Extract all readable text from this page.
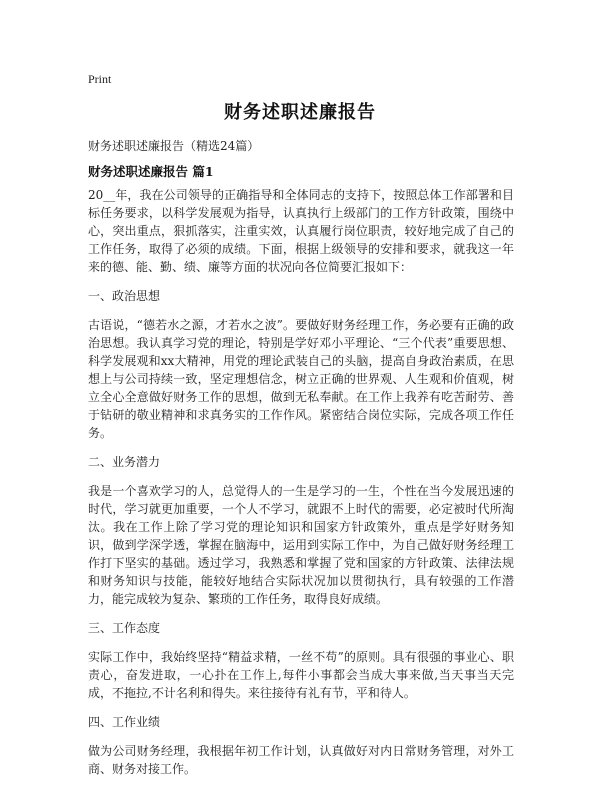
Print
财务述职述廉报告
财务述职述廉报告（精选24篇）
财务述职述廉报告 篇1

20__年，我在公司领导的正确指导和全体同志的支持下，按照总体工作部署和目标任务要求，以科学发展观为指导，认真执行上级部门的工作方针政策，围绕中心，突出重点，狠抓落实，注重实效，认真履行岗位职责，较好地完成了自己的工作任务，取得了必须的成绩。下面，根据上级领导的安排和要求，就我这一年来的德、能、勤、绩、廉等方面的状况向各位简要汇报如下：

一、政治思想

古语说，“德若水之源，才若水之波”。要做好财务经理工作，务必要有正确的政治思想。我认真学习党的理论，特别是学好邓小平理论、“三个代表”重要思想、科学发展观和xx大精神，用党的理论武装自己的头脑，提高自身政治素质，在思想上与公司持续一致，坚定理想信念，树立正确的世界观、人生观和价值观，树立全心全意做好财务工作的思想，做到无私奉献。在工作上我养有吃苦耐劳、善于钻研的敬业精神和求真务实的工作作风。紧密结合岗位实际，完成各项工作任务。

二、业务潜力

我是一个喜欢学习的人，总觉得人的一生是学习的一生，个性在当今发展迅速的时代，学习就更加重要，一个人不学习，就跟不上时代的需要，必定被时代所淘汰。我在工作上除了学习党的理论知识和国家方针政策外，重点是学好财务知识，做到学深学透，掌握在脑海中，运用到实际工作中，为自己做好财务经理工作打下坚实的基础。透过学习，我熟悉和掌握了党和国家的方针政策、法律法规和财务知识与技能，能较好地结合实际状况加以贯彻执行，具有较强的工作潜力，能完成较为复杂、繁琐的工作任务，取得良好成绩。

三、工作态度

实际工作中，我始终坚持“精益求精，一丝不苟”的原则。具有很强的事业心、职责心，奋发进取，一心扑在工作上,每件小事都会当成大事来做,当天事当天完成，不拖拉,不计名利和得失。来往接待有礼有节，平和待人。

四、工作业绩

做为公司财务经理，我根据年初工作计划，认真做好对内日常财务管理，对外工商、财务对接工作。
